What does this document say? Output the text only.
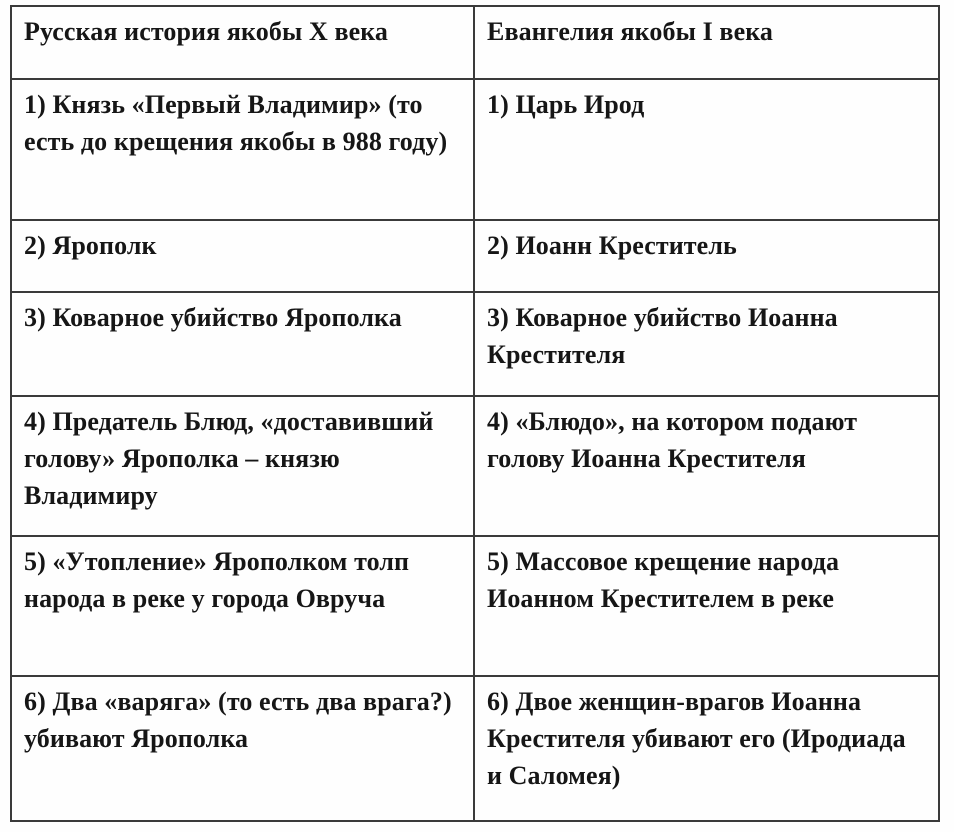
Русская история якобы X века	Евангелия якобы I века

1) Князь «Первый Владимир» (то есть до крещения якобы в 988 году)	1) Царь Ирод

2) Ярополк	2) Иоанн Креститель

3) Коварное убийство Ярополка	3) Коварное убийство Иоанна Крестителя

4) Предатель Блюд, «доставивший голову» Ярополка – князю Владимиру	4) «Блюдо», на котором подают голову Иоанна Крестителя

5) «Утопление» Ярополком толп народа в реке у города Овруча	5) Массовое крещение народа Иоанном Крестителем в реке

6) Два «варяга» (то есть два врага?) убивают Ярополка	6) Двое женщин-врагов Иоанна Крестителя убивают его (Иродиада и Саломея)
